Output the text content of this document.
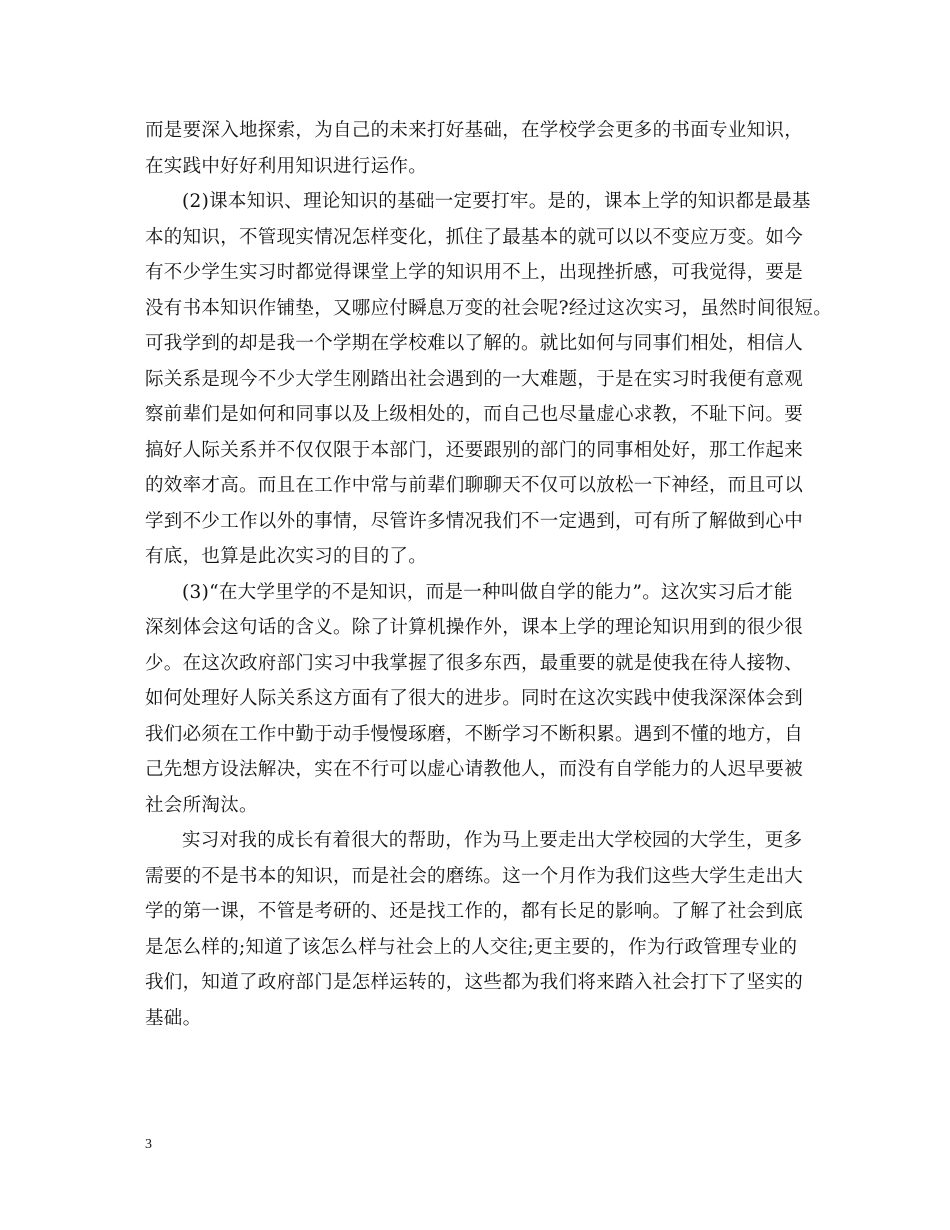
而是要深入地探索，为自己的未来打好基础，在学校学会更多的书面专业知识，
在实践中好好利用知识进行运作。
(2)课本知识、理论知识的基础一定要打牢。是的，课本上学的知识都是最基
本的知识，不管现实情况怎样变化，抓住了最基本的就可以以不变应万变。如今
有不少学生实习时都觉得课堂上学的知识用不上，出现挫折感，可我觉得，要是
没有书本知识作铺垫，又哪应付瞬息万变的社会呢?经过这次实习，虽然时间很短。
可我学到的却是我一个学期在学校难以了解的。就比如何与同事们相处，相信人
际关系是现今不少大学生刚踏出社会遇到的一大难题，于是在实习时我便有意观
察前辈们是如何和同事以及上级相处的，而自己也尽量虚心求教，不耻下问。要
搞好人际关系并不仅仅限于本部门，还要跟别的部门的同事相处好，那工作起来
的效率才高。而且在工作中常与前辈们聊聊天不仅可以放松一下神经，而且可以
学到不少工作以外的事情，尽管许多情况我们不一定遇到，可有所了解做到心中
有底，也算是此次实习的目的了。
(3)“在大学里学的不是知识，而是一种叫做自学的能力”。这次实习后才能
深刻体会这句话的含义。除了计算机操作外，课本上学的理论知识用到的很少很
少。在这次政府部门实习中我掌握了很多东西，最重要的就是使我在待人接物、
如何处理好人际关系这方面有了很大的进步。同时在这次实践中使我深深体会到
我们必须在工作中勤于动手慢慢琢磨，不断学习不断积累。遇到不懂的地方，自
己先想方设法解决，实在不行可以虚心请教他人，而没有自学能力的人迟早要被
社会所淘汰。
实习对我的成长有着很大的帮助，作为马上要走出大学校园的大学生，更多
需要的不是书本的知识，而是社会的磨练。这一个月作为我们这些大学生走出大
学的第一课，不管是考研的、还是找工作的，都有长足的影响。了解了社会到底
是怎么样的;知道了该怎么样与社会上的人交往;更主要的，作为行政管理专业的
我们，知道了政府部门是怎样运转的，这些都为我们将来踏入社会打下了坚实的
基础。
3
